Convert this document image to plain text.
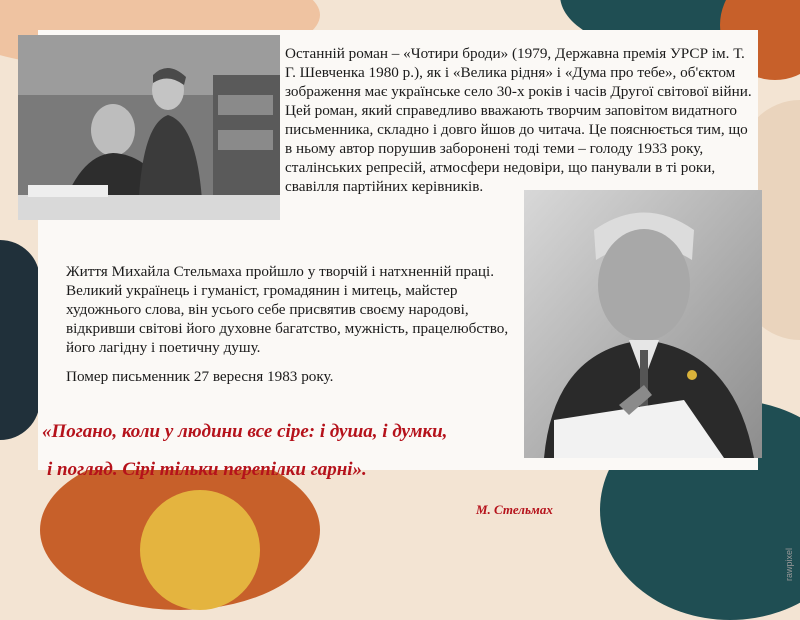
Останній роман – «Чотири броди» (1979, Державна премія УРСР ім. Т. Г. Шевченка 1980 р.), як і «Велика рідня» і «Дума про тебе», об'єктом зображення має українське село 30-х років і часів Другої світової війни. Цей роман, який справедливо вважають творчим заповітом видатного письменника, складно і довго йшов до читача. Це пояснюється тим, що в ньому автор порушив заборонені тоді теми – голоду 1933 року, сталінських репресій, атмосфери недовіри, що панували в ті роки, свавілля партійних керівників.

Життя Михайла Стельмаха пройшло у творчій і натхненній праці. Великий українець і гуманіст, громадянин і митець, майстер художнього слова, він усього себе присвятив своєму народові, відкривши світові його духовне багатство, мужність, працелюбство, його лагідну і поетичну душу.

Помер письменник 27 вересня 1983 року.

«Погано, коли у людини все сіре: і душа, і думки,

і погляд. Сірі тільки перепілки гарні».

М. Стельмах

rawpixel
